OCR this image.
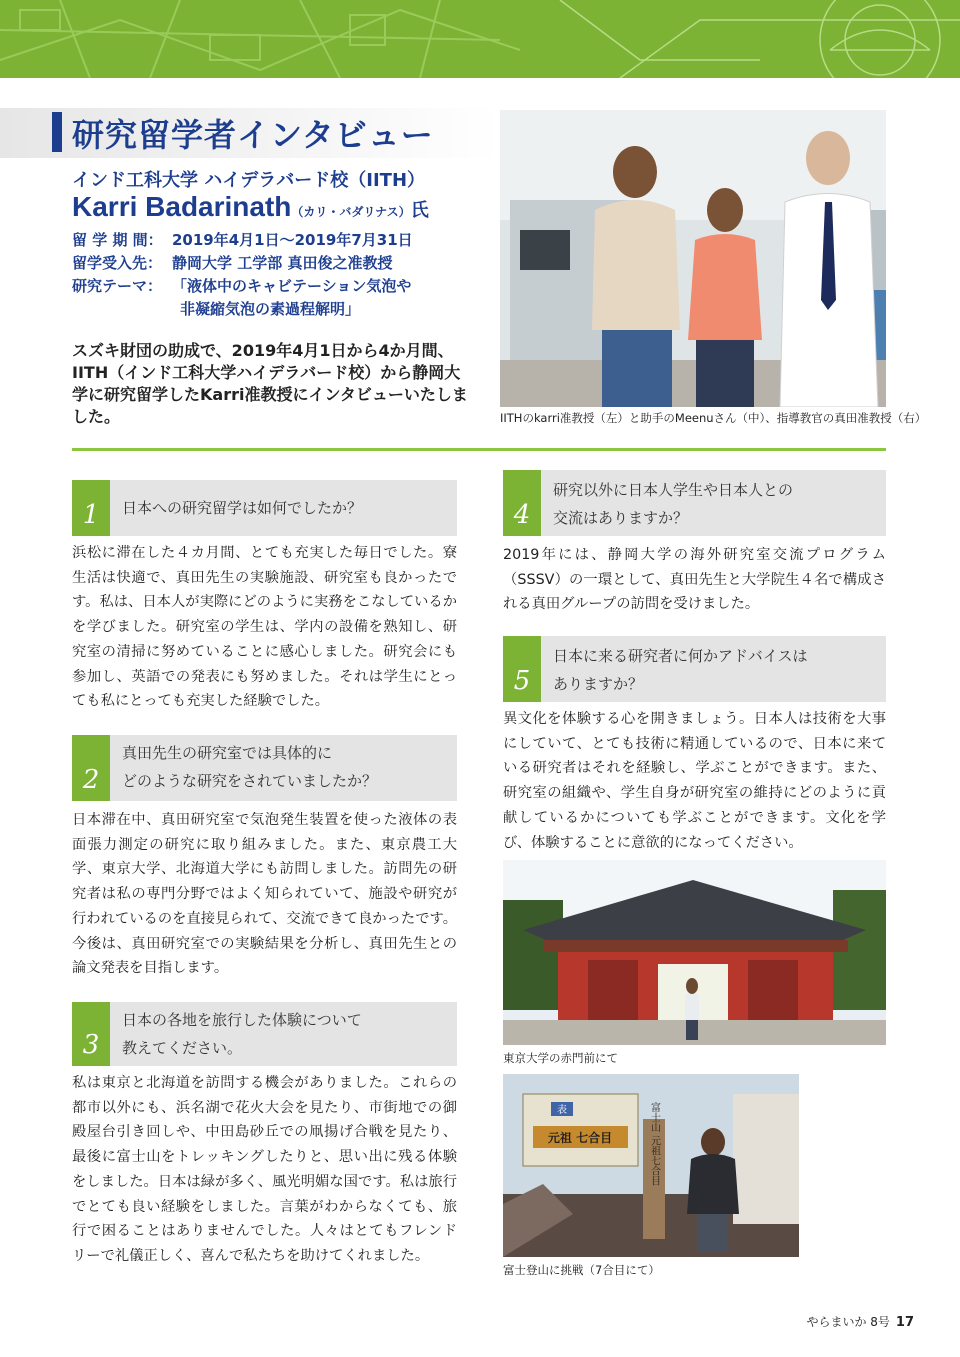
研究留学者インタビュー
インド工科大学 ハイデラバード校（IITH）
Karri Badarinath（カリ・バダリナス）氏
留 学 期 間： 2019年4月1日～2019年7月31日
留学受入先： 静岡大学 工学部 真田俊之准教授
研究テーマ： 「液体中のキャビテーション気泡や
非凝縮気泡の素過程解明」
スズキ財団の助成で、2019年4月1日から4か月間、IITH（インド工科大学ハイデラバード校）から静岡大学に研究留学したKarri准教授にインタビューいたしました。	IITHのkarri准教授（左）と助手のMeenuさん（中）、指導教官の真田准教授（右）
1	日本への研究留学は如何でしたか？
浜松に滞在した４カ月間、とても充実した毎日でした。寮生活は快適で、真田先生の実験施設、研究室も良かったです。私は、日本人が実際にどのように実務をこなしているかを学びました。研究室の学生は、学内の設備を熟知し、研究室の清掃に努めていることに感心しました。研究会にも参加し、英語での発表にも努めました。それは学生にとっても私にとっても充実した経験でした。
2
真田先生の研究室では具体的に
どのような研究をされていましたか？
日本滞在中、真田研究室で気泡発生装置を使った液体の表面張力測定の研究に取り組みました。また、東京農工大学、東京大学、北海道大学にも訪問しました。訪問先の研究者は私の専門分野ではよく知られていて、施設や研究が行われているのを直接見られて、交流できて良かったです。今後は、真田研究室での実験結果を分析し、真田先生との論文発表を目指します。
3
日本の各地を旅行した体験について
教えてください。
私は東京と北海道を訪問する機会がありました。これらの都市以外にも、浜名湖で花火大会を見たり、市街地での御殿屋台引き回しや、中田島砂丘での凧揚げ合戦を見たり、最後に富士山をトレッキングしたりと、思い出に残る体験をしました。日本は緑が多く、風光明媚な国です。私は旅行でとても良い経験をしました。言葉がわからなくても、旅行で困ることはありませんでした。人々はとてもフレンドリーで礼儀正しく、喜んで私たちを助けてくれました。
4
研究以外に日本人学生や日本人との
交流はありますか？
2019年には、静岡大学の海外研究室交流プログラム（SSSV）の一環として、真田先生と大学院生４名で構成される真田グループの訪問を受けました。
5
日本に来る研究者に何かアドバイスは
ありますか？
異文化を体験する心を開きましょう。日本人は技術を大事にしていて、とても技術に精通しているので、日本に来ている研究者はそれを経験し、学ぶことができます。また、研究室の組織や、学生自身が研究室の維持にどのように貢献しているかについても学ぶことができます。文化を学び、体験することに意欲的になってください。
東京大学の赤門前にて
表
元祖 七合目	富士山 元祖七合目
富士登山に挑戦（7合目にて）
やらまいか 8号 17
